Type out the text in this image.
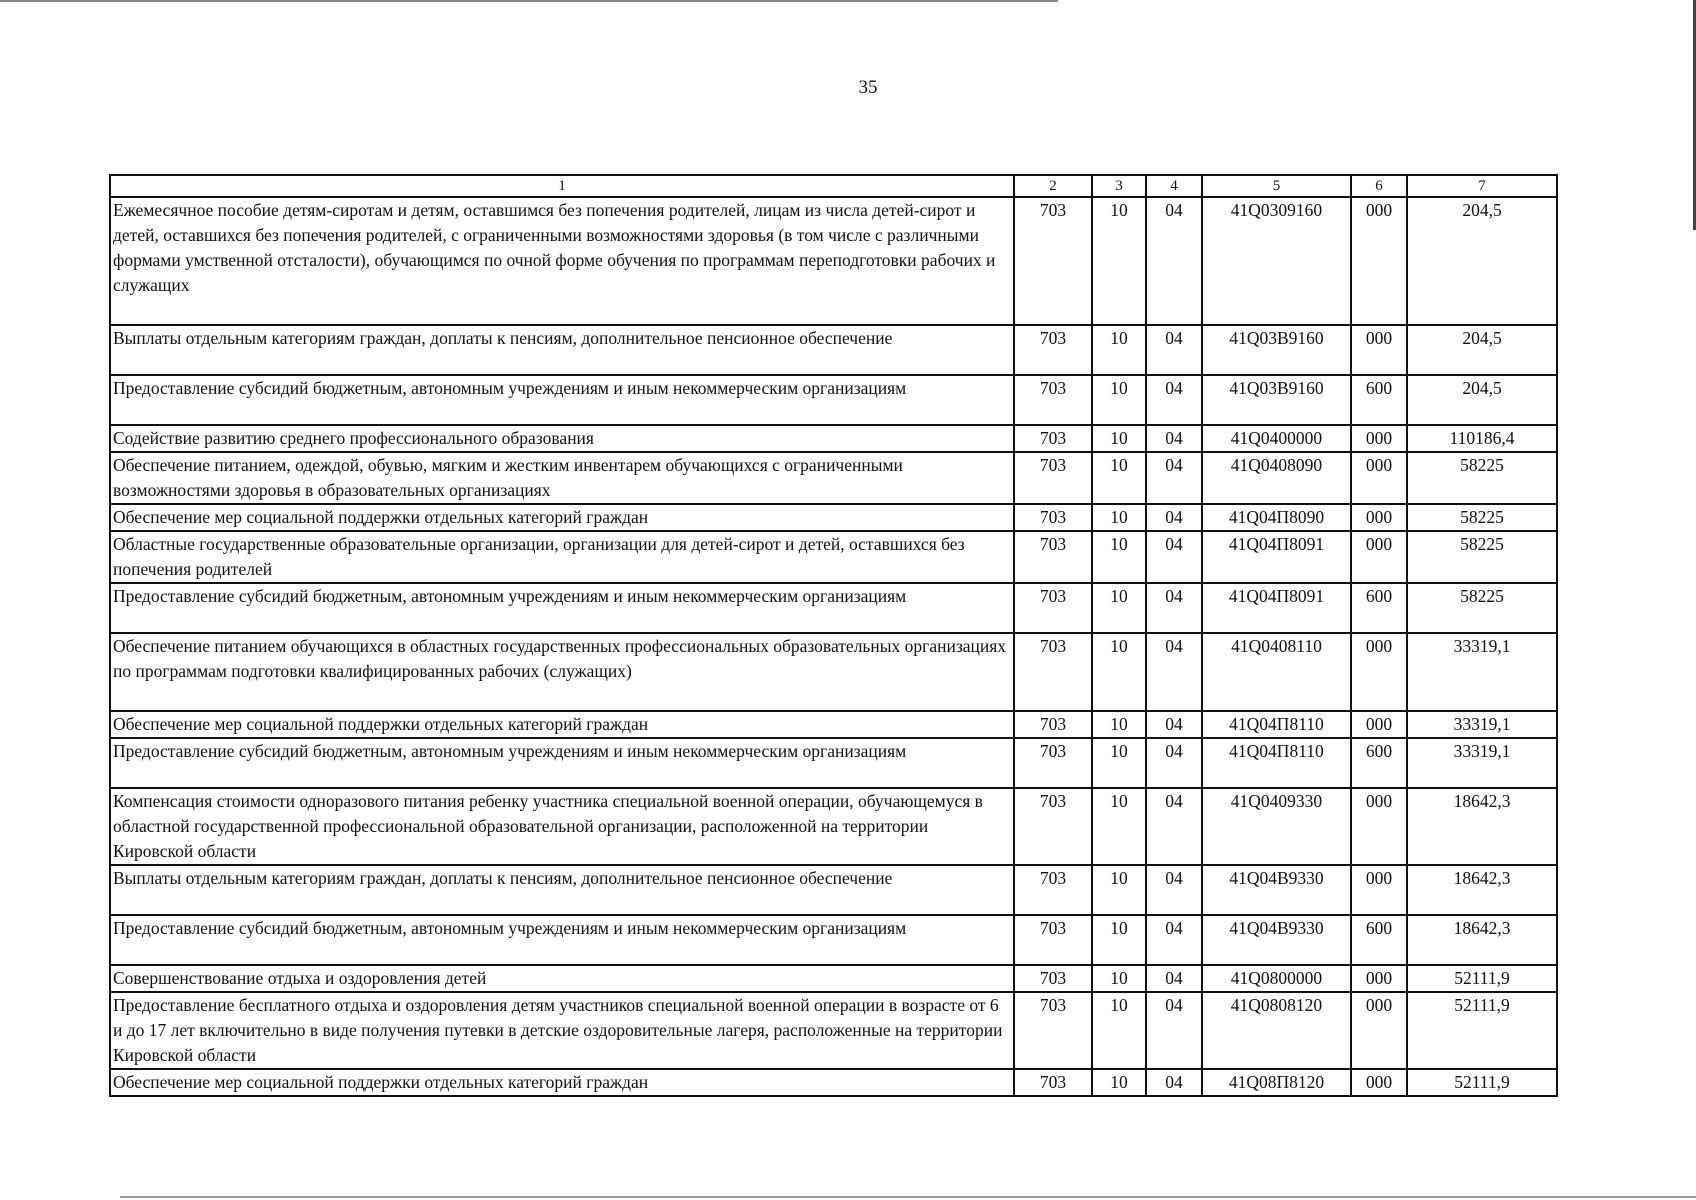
35
1	2	3	4	5	6	7
Ежемесячное пособие детям-сиротам и детям, оставшимся без попечения родителей, лицам из числа детей-сирот и детей, оставшихся без попечения родителей, с ограниченными возможностями здоровья (в том числе с различными формами умственной отсталости), обучающимся по очной форме обучения по программам переподготовки рабочих и служащих	703	10	04	41Q0309160	000	204,5
Выплаты отдельным категориям граждан, доплаты к пенсиям, дополнительное пенсионное обеспечение	703	10	04	41Q03B9160	000	204,5
Предоставление субсидий бюджетным, автономным учреждениям и иным некоммерческим организациям	703	10	04	41Q03B9160	600	204,5
Содействие развитию среднего профессионального образования	703	10	04	41Q0400000	000	110186,4
Обеспечение питанием, одеждой, обувью, мягким и жестким инвентарем обучающихся с ограниченными возможностями здоровья в образовательных организациях	703	10	04	41Q0408090	000	58225
Обеспечение мер социальной поддержки отдельных категорий граждан	703	10	04	41Q04П8090	000	58225
Областные государственные образовательные организации, организации для детей-сирот и детей, оставшихся без попечения родителей	703	10	04	41Q04П8091	000	58225
Предоставление субсидий бюджетным, автономным учреждениям и иным некоммерческим организациям	703	10	04	41Q04П8091	600	58225
Обеспечение питанием обучающихся в областных государственных профессиональных образовательных организациях по программам подготовки квалифицированных рабочих (служащих)	703	10	04	41Q0408110	000	33319,1
Обеспечение мер социальной поддержки отдельных категорий граждан	703	10	04	41Q04П8110	000	33319,1
Предоставление субсидий бюджетным, автономным учреждениям и иным некоммерческим организациям	703	10	04	41Q04П8110	600	33319,1
Компенсация стоимости одноразового питания ребенку участника специальной военной операции, обучающемуся в областной государственной профессиональной образовательной организации, расположенной на территории Кировской области	703	10	04	41Q0409330	000	18642,3
Выплаты отдельным категориям граждан, доплаты к пенсиям, дополнительное пенсионное обеспечение	703	10	04	41Q04B9330	000	18642,3
Предоставление субсидий бюджетным, автономным учреждениям и иным некоммерческим организациям	703	10	04	41Q04B9330	600	18642,3
Совершенствование отдыха и оздоровления детей	703	10	04	41Q0800000	000	52111,9
Предоставление бесплатного отдыха и оздоровления детям участников специальной военной операции в возрасте от 6 и до 17 лет включительно в виде получения путевки в детские оздоровительные лагеря, расположенные на территории Кировской области	703	10	04	41Q0808120	000	52111,9
Обеспечение мер социальной поддержки отдельных категорий граждан	703	10	04	41Q08П8120	000	52111,9
